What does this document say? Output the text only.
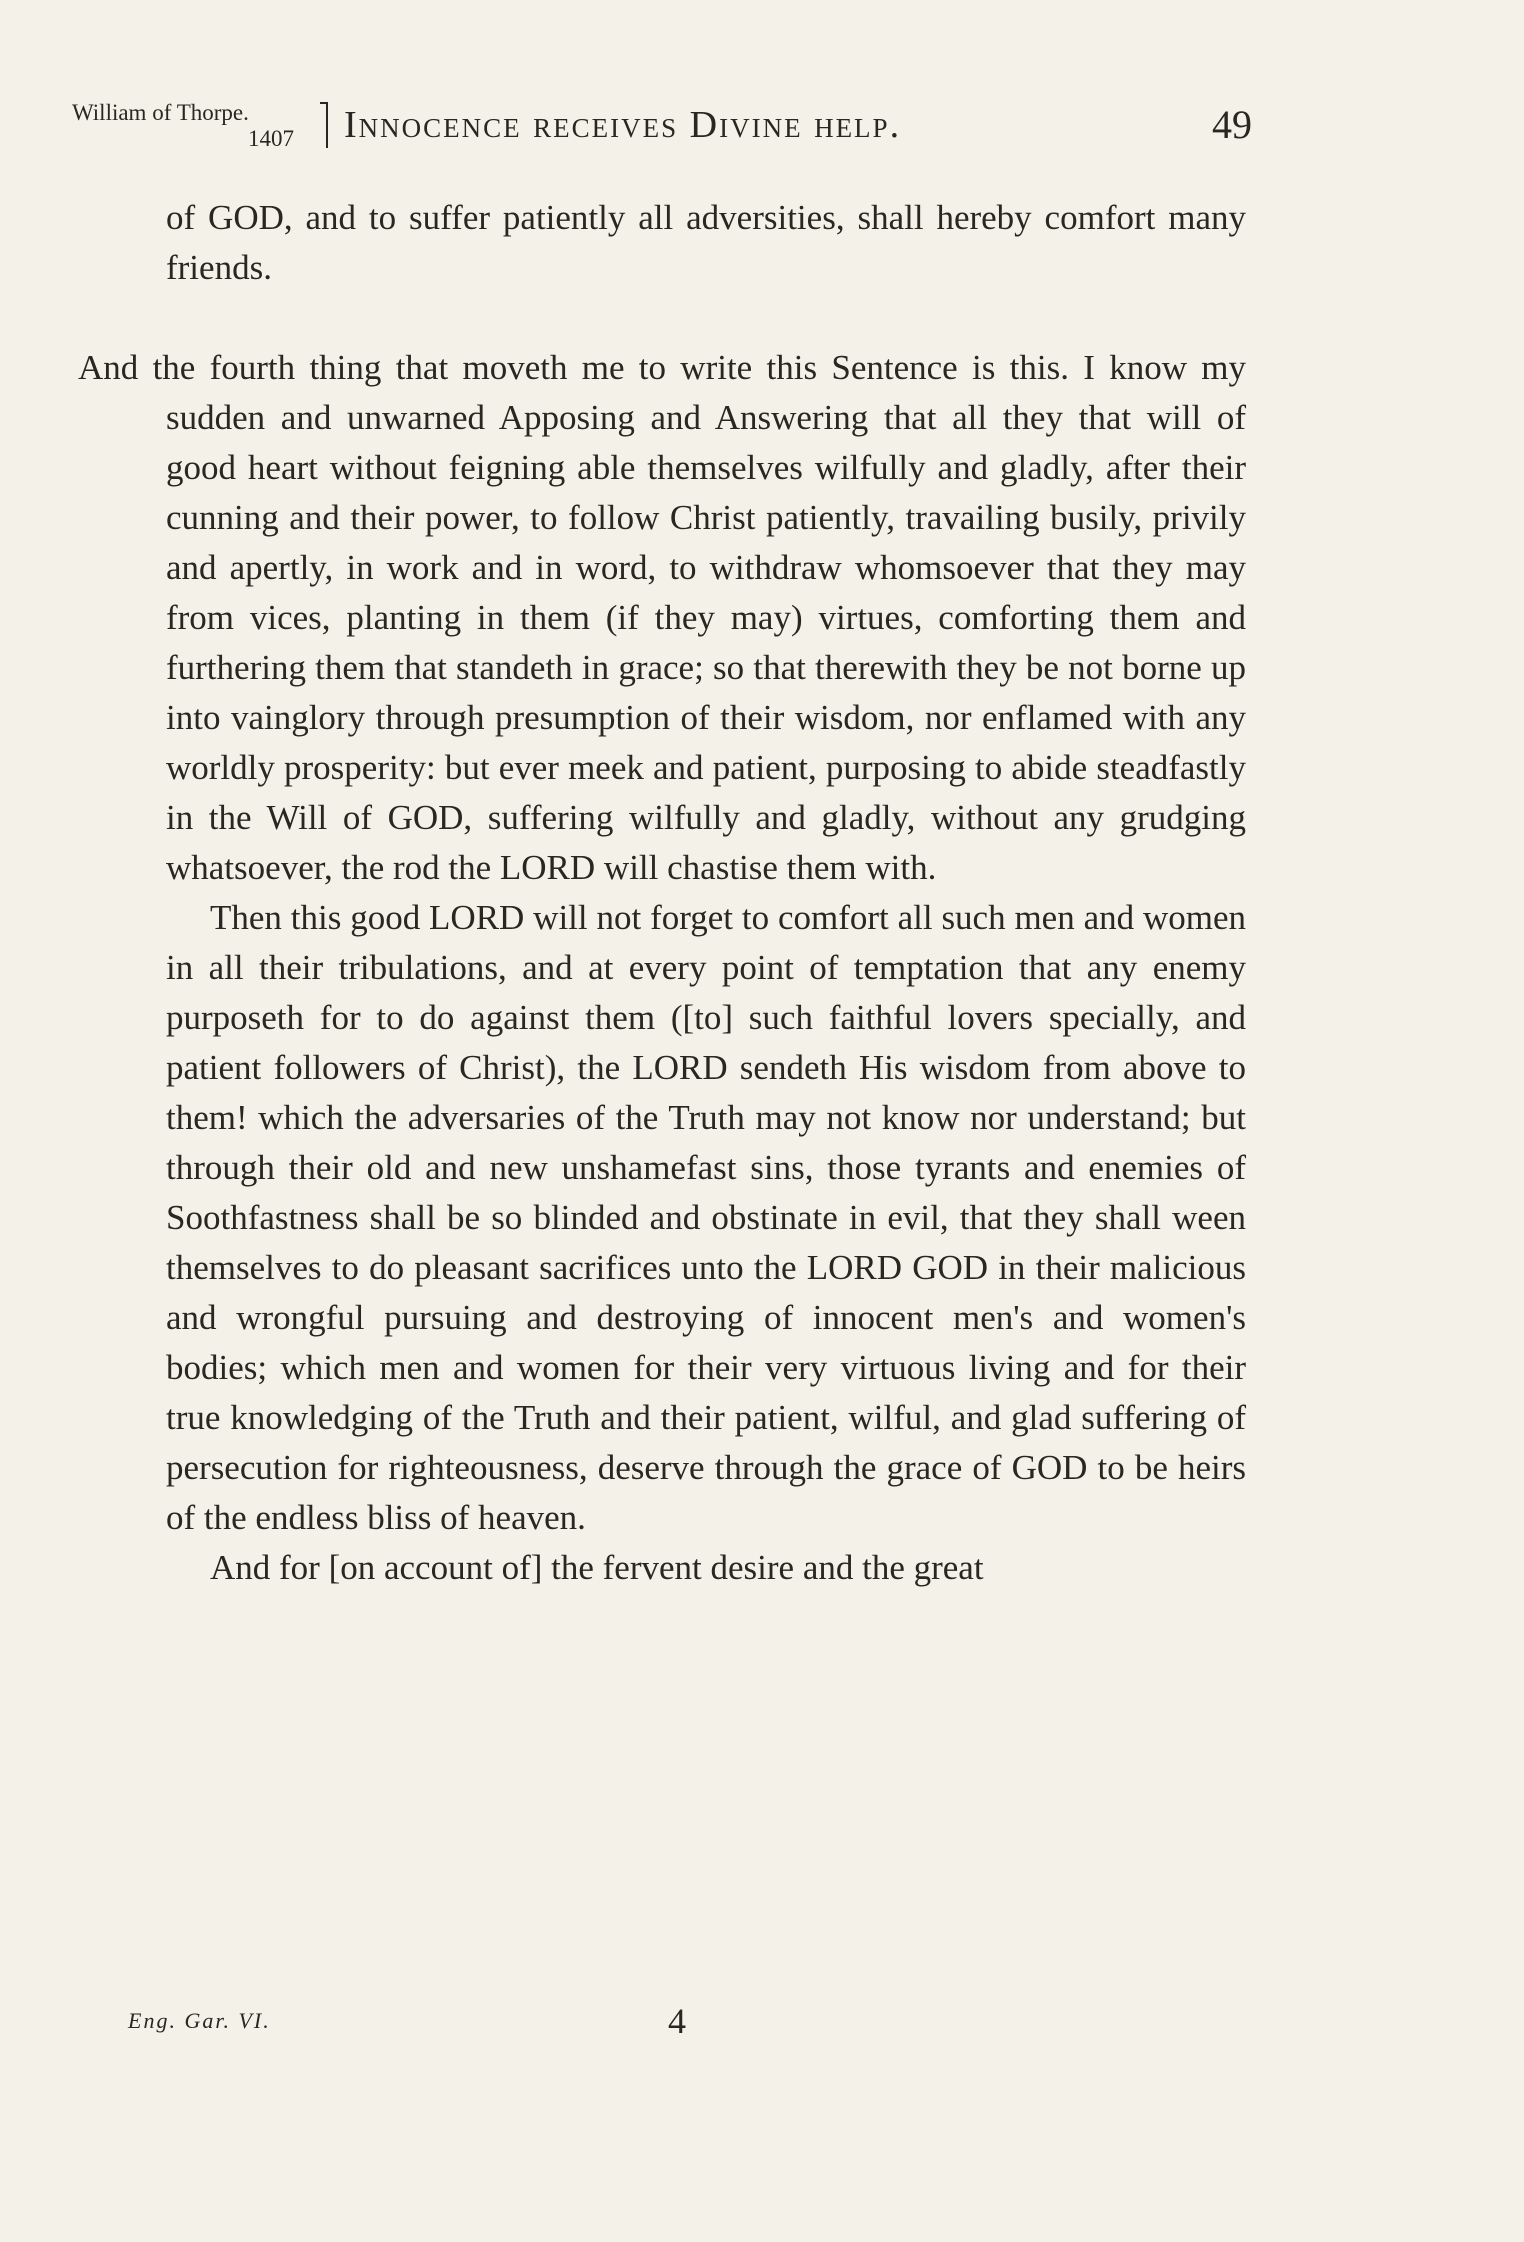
William of Thorpe.
1407 Innocence receives Divine help.	49

of GOD, and to suffer patiently all adversities, shall hereby comfort many friends.

And the fourth thing that moveth me to write this Sentence is this. I know my sudden and unwarned Apposing and Answering that all they that will of good heart without feigning able themselves wilfully and gladly, after their cunning and their power, to follow Christ patiently, travailing busily, privily and apertly, in work and in word, to withdraw whomsoever that they may from vices, planting in them (if they may) virtues, comforting them and furthering them that standeth in grace; so that therewith they be not borne up into vainglory through presumption of their wisdom, nor enflamed with any worldly prosperity: but ever meek and patient, purposing to abide steadfastly in the Will of GOD, suffering wilfully and gladly, without any grudging whatsoever, the rod the LORD will chastise them with.

Then this good LORD will not forget to comfort all such men and women in all their tribulations, and at every point of temptation that any enemy purposeth for to do against them ([to] such faithful lovers specially, and patient followers of Christ), the LORD sendeth His wisdom from above to them! which the adversaries of the Truth may not know nor understand; but through their old and new unshamefast sins, those tyrants and enemies of Soothfastness shall be so blinded and obstinate in evil, that they shall ween themselves to do pleasant sacrifices unto the LORD GOD in their malicious and wrongful pursuing and destroying of innocent men's and women's bodies; which men and women for their very virtuous living and for their true knowledging of the Truth and their patient, wilful, and glad suffering of persecution for righteousness, deserve through the grace of GOD to be heirs of the endless bliss of heaven.

And for [on account of] the fervent desire and the great

Eng. Gar. VI.	4
